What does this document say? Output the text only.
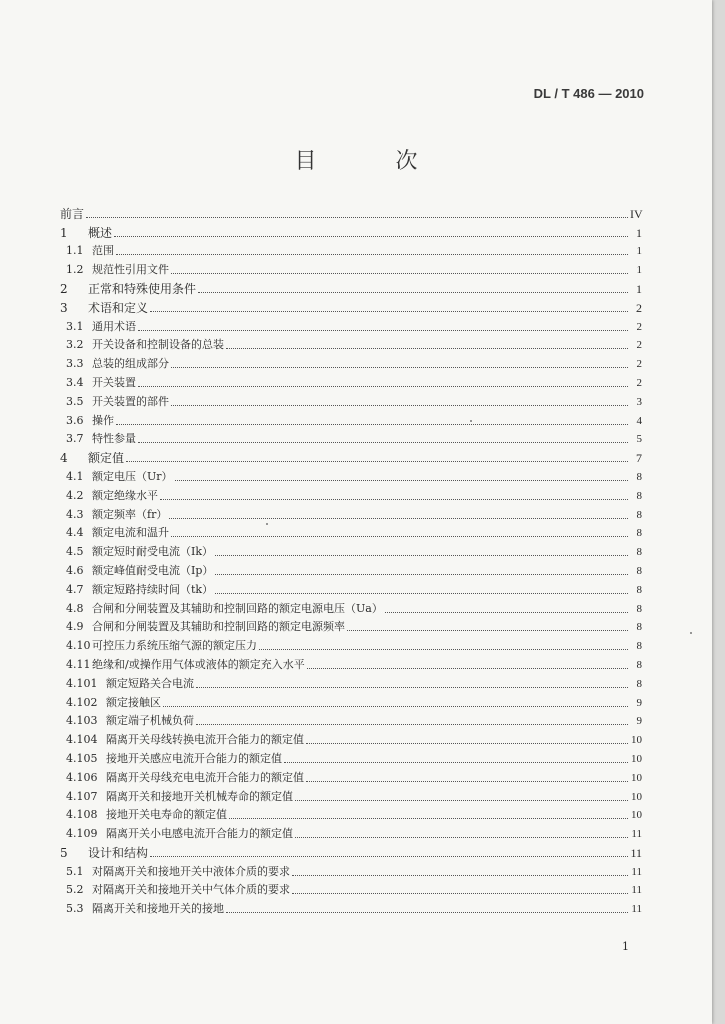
DL / T 486 — 2010
目 次
前言	IV
1	概述	1
1.1 范围	1
1.2 规范性引用文件	1
2	正常和特殊使用条件	1
3	术语和定义	2
3.1 通用术语	2
3.2 开关设备和控制设备的总装	2
3.3 总装的组成部分	2
3.4 开关装置	2
3.5 开关装置的部件	3
3.6 操作	4
3.7 特性参量	5
4	额定值	7
4.1 额定电压（Ur）	8
4.2 额定绝缘水平	8
4.3 额定频率（fr）	8
4.4 额定电流和温升	8
4.5 额定短时耐受电流（Ik）	8
4.6 额定峰值耐受电流（Ip）	8
4.7 额定短路持续时间（tk）	8
4.8 合闸和分闸装置及其辅助和控制回路的额定电源电压（Ua）	8
4.9 合闸和分闸装置及其辅助和控制回路的额定电源频率	8
4.10 可控压力系统压缩气源的额定压力	8
4.11 绝缘和/或操作用气体或液体的额定充入水平	8
4.101 额定短路关合电流	8
4.102 额定接触区	9
4.103 额定端子机械负荷	9
4.104 隔离开关母线转换电流开合能力的额定值	10
4.105 接地开关感应电流开合能力的额定值	10
4.106 隔离开关母线充电电流开合能力的额定值	10
4.107 隔离开关和接地开关机械寿命的额定值	10
4.108 接地开关电寿命的额定值	10
4.109 隔离开关小电感电流开合能力的额定值	11
5	设计和结构	11
5.1 对隔离开关和接地开关中液体介质的要求	11
5.2 对隔离开关和接地开关中气体介质的要求	11
5.3 隔离开关和接地开关的接地	11
1
